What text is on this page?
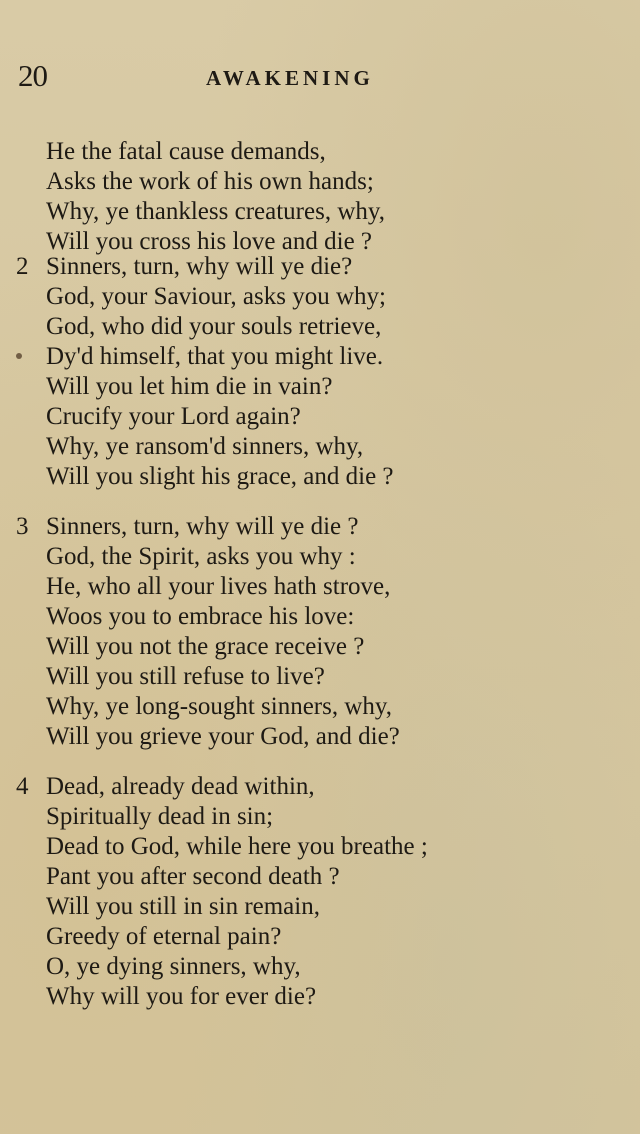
20	AWAKENING
He the fatal cause demands,
Asks the work of his own hands;
Why, ye thankless creatures, why,
Will you cross his love and die ?
2 Sinners, turn, why will ye die?
God, your Saviour, asks you why;
God, who did your souls retrieve,
Dy'd himself, that you might live.
Will you let him die in vain?
Crucify your Lord again?
Why, ye ransom'd sinners, why,
Will you slight his grace, and die ?
3 Sinners, turn, why will ye die ?
God, the Spirit, asks you why :
He, who all your lives hath strove,
Woos you to embrace his love:
Will you not the grace receive ?
Will you still refuse to live?
Why, ye long-sought sinners, why,
Will you grieve your God, and die?
4 Dead, already dead within,
Spiritually dead in sin;
Dead to God, while here you breathe ;
Pant you after second death ?
Will you still in sin remain,
Greedy of eternal pain?
O, ye dying sinners, why,
Why will you for ever die?
